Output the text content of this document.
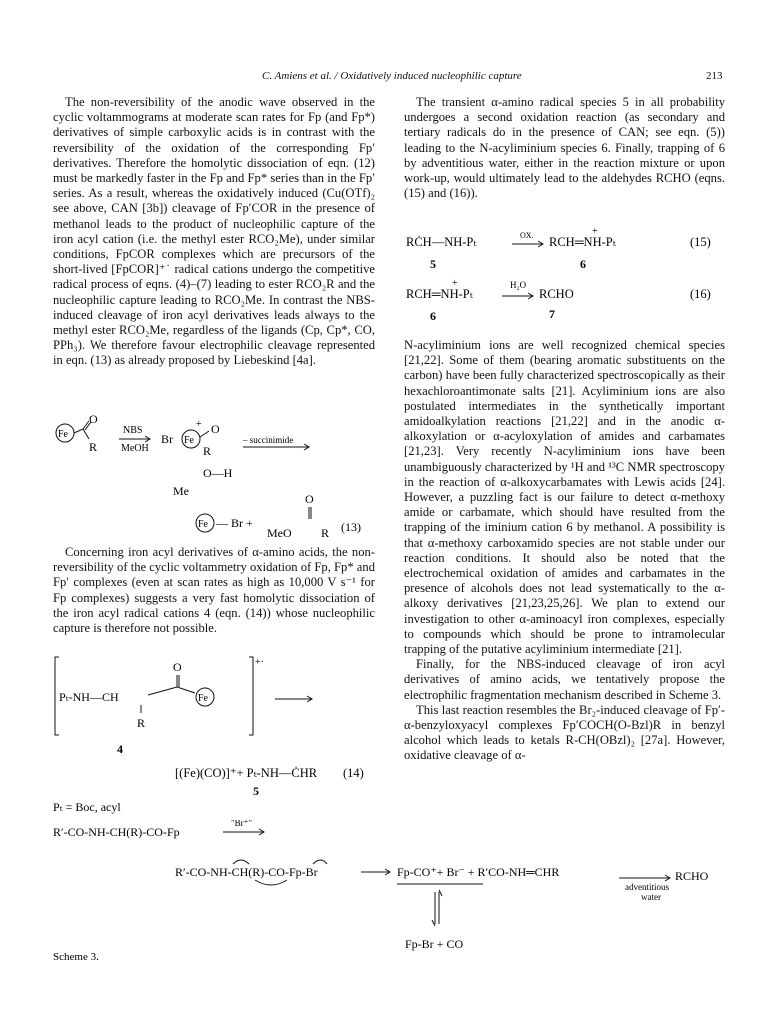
C. Amiens et al. / Oxidatively induced nucleophilic capture	213

The non-reversibility of the anodic wave observed in the cyclic voltammograms at moderate scan rates for Fp (and Fp*) derivatives of simple carboxylic acids is in contrast with the reversibility of the oxidation of the corresponding Fp′ derivatives. Therefore the homolytic dissociation of eqn. (12) must be markedly faster in the Fp and Fp* series than in the Fp′ series. As a result, whereas the oxidatively induced (Cu(OTf)₂ see above, CAN [3b]) cleavage of Fp′COR in the presence of methanol leads to the product of nucleophilic capture of the iron acyl cation (i.e. the methyl ester RCO₂Me), under similar conditions, FpCOR complexes which are precursors of the short-lived [FpCOR]⁺˙ radical cations undergo the competitive radical process of eqns. (4)–(7) leading to ester RCO₂R and the nucleophilic capture leading to RCO₂Me. In contrast the NBS-induced cleavage of iron acyl derivatives leads always to the methyl ester RCO₂Me, regardless of the ligands (Cp, Cp*, CO, PPh₃). We therefore favour electrophilic cleavage represented in eqn. (13) as already proposed by Liebeskind [4a].

Fe
O
R
NBS
MeOH
Br Fe
+ O
R
– succinimide
O—H
Me
Fe — Br +
O
MeO R (13)

Concerning iron acyl derivatives of α-amino acids, the non-reversibility of the cyclic voltammetry oxidation of Fp, Fp* and Fp′ complexes (even at scan rates as high as 10,000 V s⁻¹ for Fp complexes) suggests a very fast homolytic dissociation of the iron acyl radical cations 4 (eqn. (14)) whose nucleophilic capture is therefore not possible.

+·
O
Pₜ-NH—CH	Fe
R
4
[(Fe)(CO)]⁺+ Pₜ-NH—ĊHR (14)
5
Pₜ = Boc, acyl

The transient α-amino radical species 5 in all probability undergoes a second oxidation reaction (as secondary and tertiary radicals do in the presence of CAN; see eqn. (5)) leading to the N-acyliminium species 6. Finally, trapping of 6 by adventitious water, either in the reaction mixture or upon work-up, would ultimately lead to the aldehydes RCHO (eqns. (15) and (16)).

RĊH—NH-Pₜ	OX. RCH═NH-Pₜ
+
(15)
5	6
RCH═NH-Pₜ
+	H₂O
RCHO	(16)
6	7

N-acyliminium ions are well recognized chemical species [21,22]. Some of them (bearing aromatic substituents on the carbon) have been fully characterized spectroscopically as their hexachloroantimonate salts [21]. Acyliminium ions are also postulated intermediates in the synthetically important amidoalkylation reactions [21,22] and in the anodic α-alkoxylation or α-acyloxylation of amides and carbamates [21,23]. Very recently N-acyliminium ions have been unambiguously characterized by ¹H and ¹³C NMR spectroscopy in the reaction of α-alkoxycarbamates with Lewis acids [24]. However, a puzzling fact is our failure to detect α-methoxy amide or carbamate, which should have resulted from the trapping of the iminium cation 6 by methanol. A possibility is that α-methoxy carboxamido species are not stable under our reaction conditions. It should also be noted that the electrochemical oxidation of amides and carbamates in the presence of alcohols does not lead systematically to the α-alkoxy derivatives [21,23,25,26]. We plan to extend our investigation to other α-aminoacyl iron complexes, especially to compounds which should be prone to intramolecular trapping of the putative acyliminium intermediate [21].

Finally, for the NBS-induced cleavage of iron acyl derivatives of amino acids, we tentatively propose the electrophilic fragmentation mechanism described in Scheme 3.

This last reaction resembles the Br₂-induced cleavage of Fp′-α-benzyloxyacyl complexes Fp′COCH(O-Bzl)R in benzyl alcohol which leads to ketals R-CH(OBzl)₂ [27a]. However, oxidative cleavage of α-

R′-CO-NH-CH(R)-CO-Fp
"Br⁺"
R′-CO-NH-CH(R)-CO-Fp-Br	Fp-CO⁺+ Br⁻ + R′CO-NH═CHR
adventitious
water
RCHO
Fp-Br + CO
Scheme 3.
